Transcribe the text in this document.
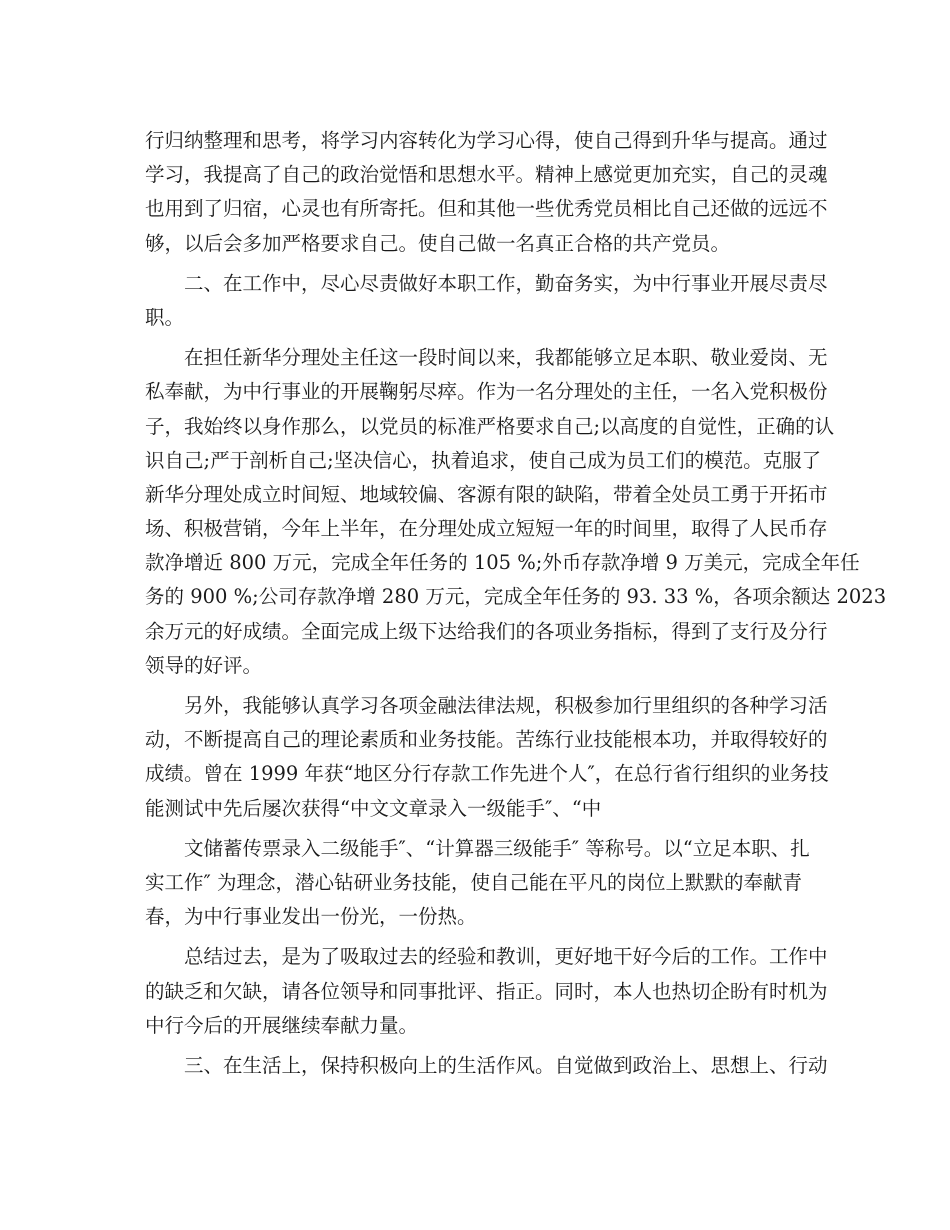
行归纳整理和思考，将学习内容转化为学习心得，使自己得到升华与提高。通过
学习，我提高了自己的政治觉悟和思想水平。精神上感觉更加充实，自己的灵魂
也用到了归宿，心灵也有所寄托。但和其他一些优秀党员相比自己还做的远远不
够，以后会多加严格要求自己。使自己做一名真正合格的共产党员。
二、在工作中，尽心尽责做好本职工作，勤奋务实，为中行事业开展尽责尽
职。
在担任新华分理处主任这一段时间以来，我都能够立足本职、敬业爱岗、无
私奉献，为中行事业的开展鞠躬尽瘁。作为一名分理处的主任，一名入党积极份
子，我始终以身作那么，以党员的标准严格要求自己;以高度的自觉性，正确的认
识自己;严于剖析自己;坚决信心，执着追求，使自己成为员工们的模范。克服了
新华分理处成立时间短、地域较偏、客源有限的缺陷，带着全处员工勇于开拓市
场、积极营销，今年上半年，在分理处成立短短一年的时间里，取得了人民币存
款净增近 800 万元，完成全年任务的 105 %;外币存款净增 9 万美元，完成全年任
务的 900 %;公司存款净增 280 万元，完成全年任务的 93. 33 %，各项余额达 2023
余万元的好成绩。全面完成上级下达给我们的各项业务指标，得到了支行及分行
领导的好评。
另外，我能够认真学习各项金融法律法规，积极参加行里组织的各种学习活
动，不断提高自己的理论素质和业务技能。苦练行业技能根本功，并取得较好的
成绩。曾在 1999 年获“地区分行存款工作先进个人″，在总行省行组织的业务技
能测试中先后屡次获得“中文文章录入一级能手″、“中
文储蓄传票录入二级能手″、“计算器三级能手″ 等称号。以“立足本职、扎
实工作″ 为理念，潜心钻研业务技能，使自己能在平凡的岗位上默默的奉献青
春，为中行事业发出一份光，一份热。
总结过去，是为了吸取过去的经验和教训，更好地干好今后的工作。工作中
的缺乏和欠缺，请各位领导和同事批评、指正。同时，本人也热切企盼有时机为
中行今后的开展继续奉献力量。
三、在生活上，保持积极向上的生活作风。自觉做到政治上、思想上、行动
